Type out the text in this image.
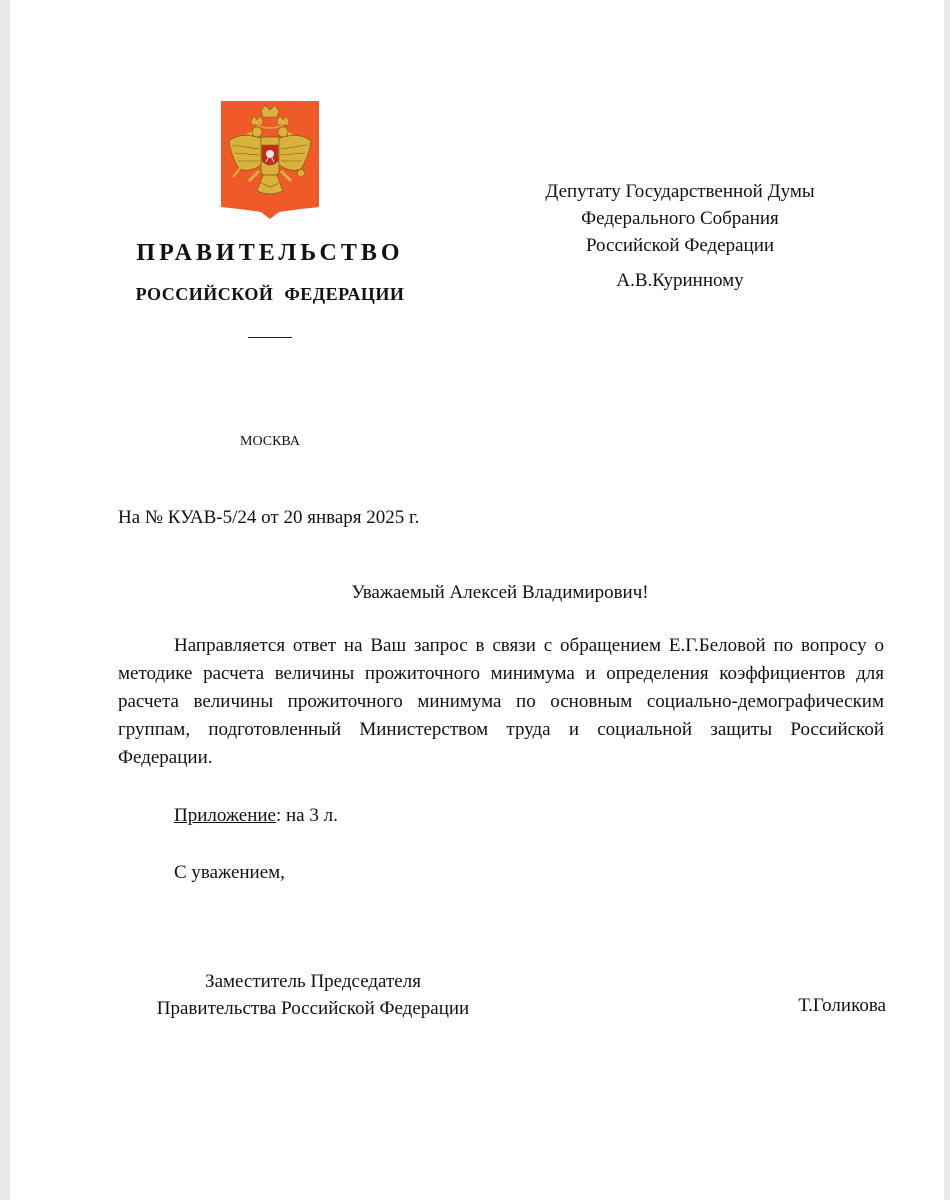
ПРАВИТЕЛЬСТВО
РОССИЙСКОЙ ФЕДЕРАЦИИ
МОСКВА
Депутату Государственной Думы
Федерального Собрания
Российской Федерации
А.В.Куринному
На № КУАВ-5/24 от 20 января 2025 г.
Уважаемый Алексей Владимирович!

Направляется ответ на Ваш запрос в связи с обращением Е.Г.Беловой по вопросу о методике расчета величины прожиточного минимума и определения коэффициентов для расчета величины прожиточного минимума по основным социально-демографическим группам, подготовленный Министерством труда и социальной защиты Российской Федерации.

Приложение: на 3 л.
С уважением,
Заместитель Председателя
Правительства Российской Федерации	Т.Голикова
